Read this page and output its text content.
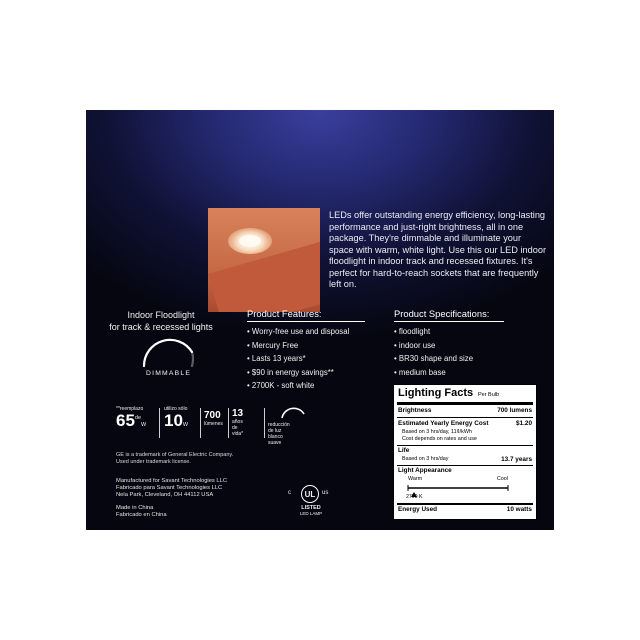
LEDs offer outstanding energy efficiency, long-lasting performance and just-right brightness, all in one package. They're dimmable and illuminate your space with warm, white light. Use this our LED indoor floodlight in indoor track and recessed fixtures. It's perfect for hard-to-reach sockets that are frequently left on.
Indoor Floodlight
for track & recessed lights
DIMMABLE
Product Features:
• Worry-free use and disposal
• Mercury Free
• Lasts 13 years*
• $90 in energy savings**
• 2700K - soft white
Product Specifications:
• floodlight
• indoor use
• BR30 shape and size
• medium base
**reemplazo
65deW
utilizo sólo
10W
700
lúmenes
13
años
de vida*
reducción de luz
blanco suave
GE is a trademark of General Electric Company.
Used under trademark license.
Manufactured for Savant Technologies LLC
Fabricado para Savant Technologies LLC
Nela Park, Cleveland, OH 44112 USA
Made in China
Fabricado en China
c	UL	us
LISTED
LED LAMP
Lighting Facts Per Bulb
Brightness	700 lumens
Estimated Yearly Energy Cost	$1.20
Based on 3 hrs/day, 11¢/kWh
Cost depends on rates and use
Life
Based on 3 hrs/day	13.7 years
Light Appearance
Warm	Cool
2700 K
Energy Used	10 watts
